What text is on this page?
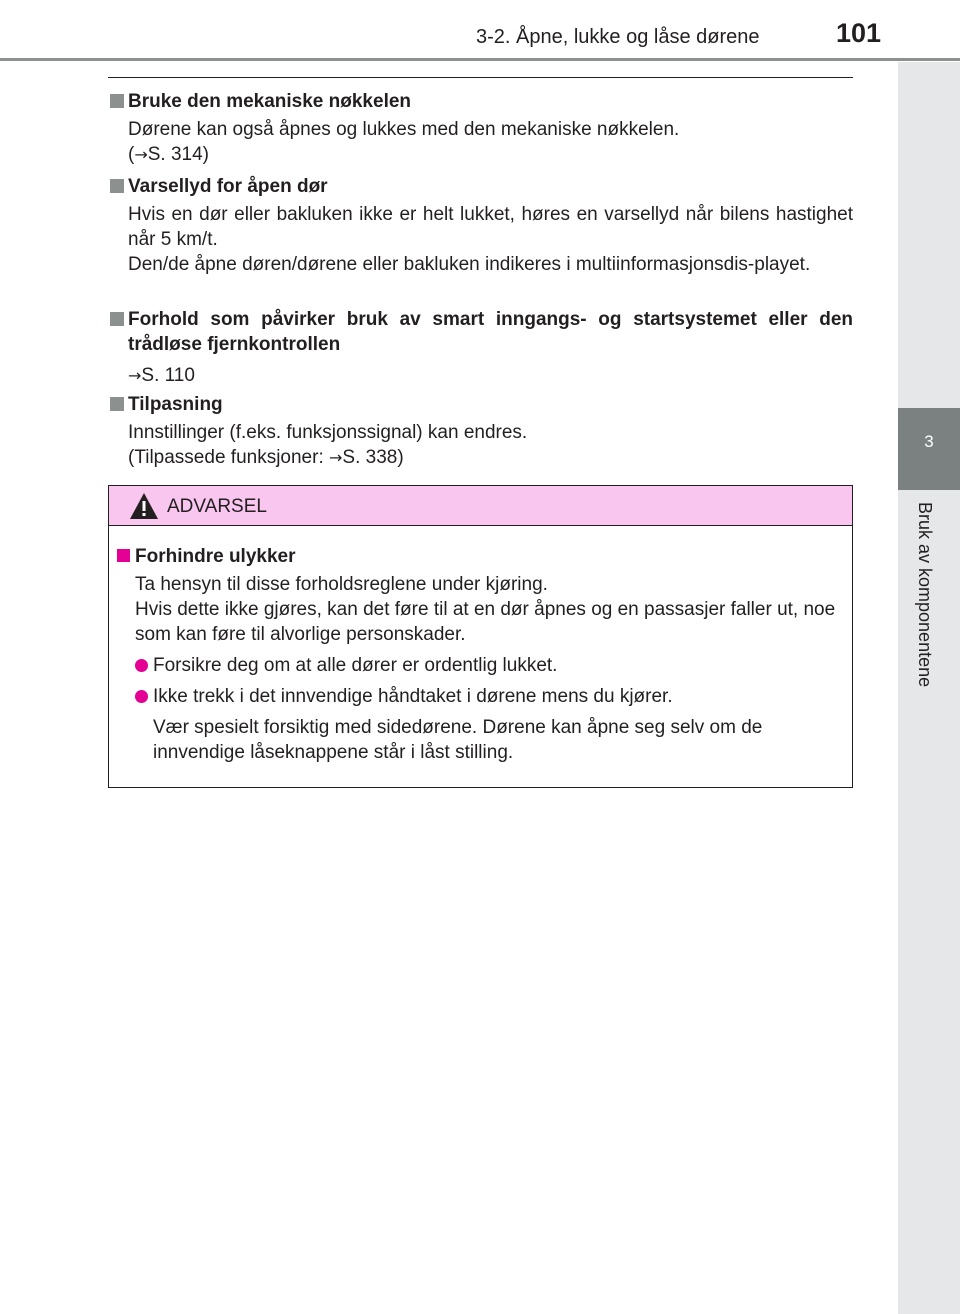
3-2. Åpne, lukke og låse dørene	101
3
Bruk av komponentene
Bruke den mekaniske nøkkelen
Dørene kan også åpnes og lukkes med den mekaniske nøkkelen.
(→S. 314)
Varsellyd for åpen dør
Hvis en dør eller bakluken ikke er helt lukket, høres en varsellyd når bilens hastighet når 5 km/t.
Den/de åpne døren/dørene eller bakluken indikeres i multiinformasjonsdis-playet.
Forhold som påvirker bruk av smart inngangs- og startsystemet eller den trådløse fjernkontrollen
→S. 110
Tilpasning
Innstillinger (f.eks. funksjonssignal) kan endres.
(Tilpassede funksjoner: →S. 338)
ADVARSEL
Forhindre ulykker
Ta hensyn til disse forholdsreglene under kjøring.
Hvis dette ikke gjøres, kan det føre til at en dør åpnes og en passasjer faller ut, noe som kan føre til alvorlige personskader.
Forsikre deg om at alle dører er ordentlig lukket.
Ikke trekk i det innvendige håndtaket i dørene mens du kjører.
Vær spesielt forsiktig med sidedørene. Dørene kan åpne seg selv om de innvendige låseknappene står i låst stilling.
